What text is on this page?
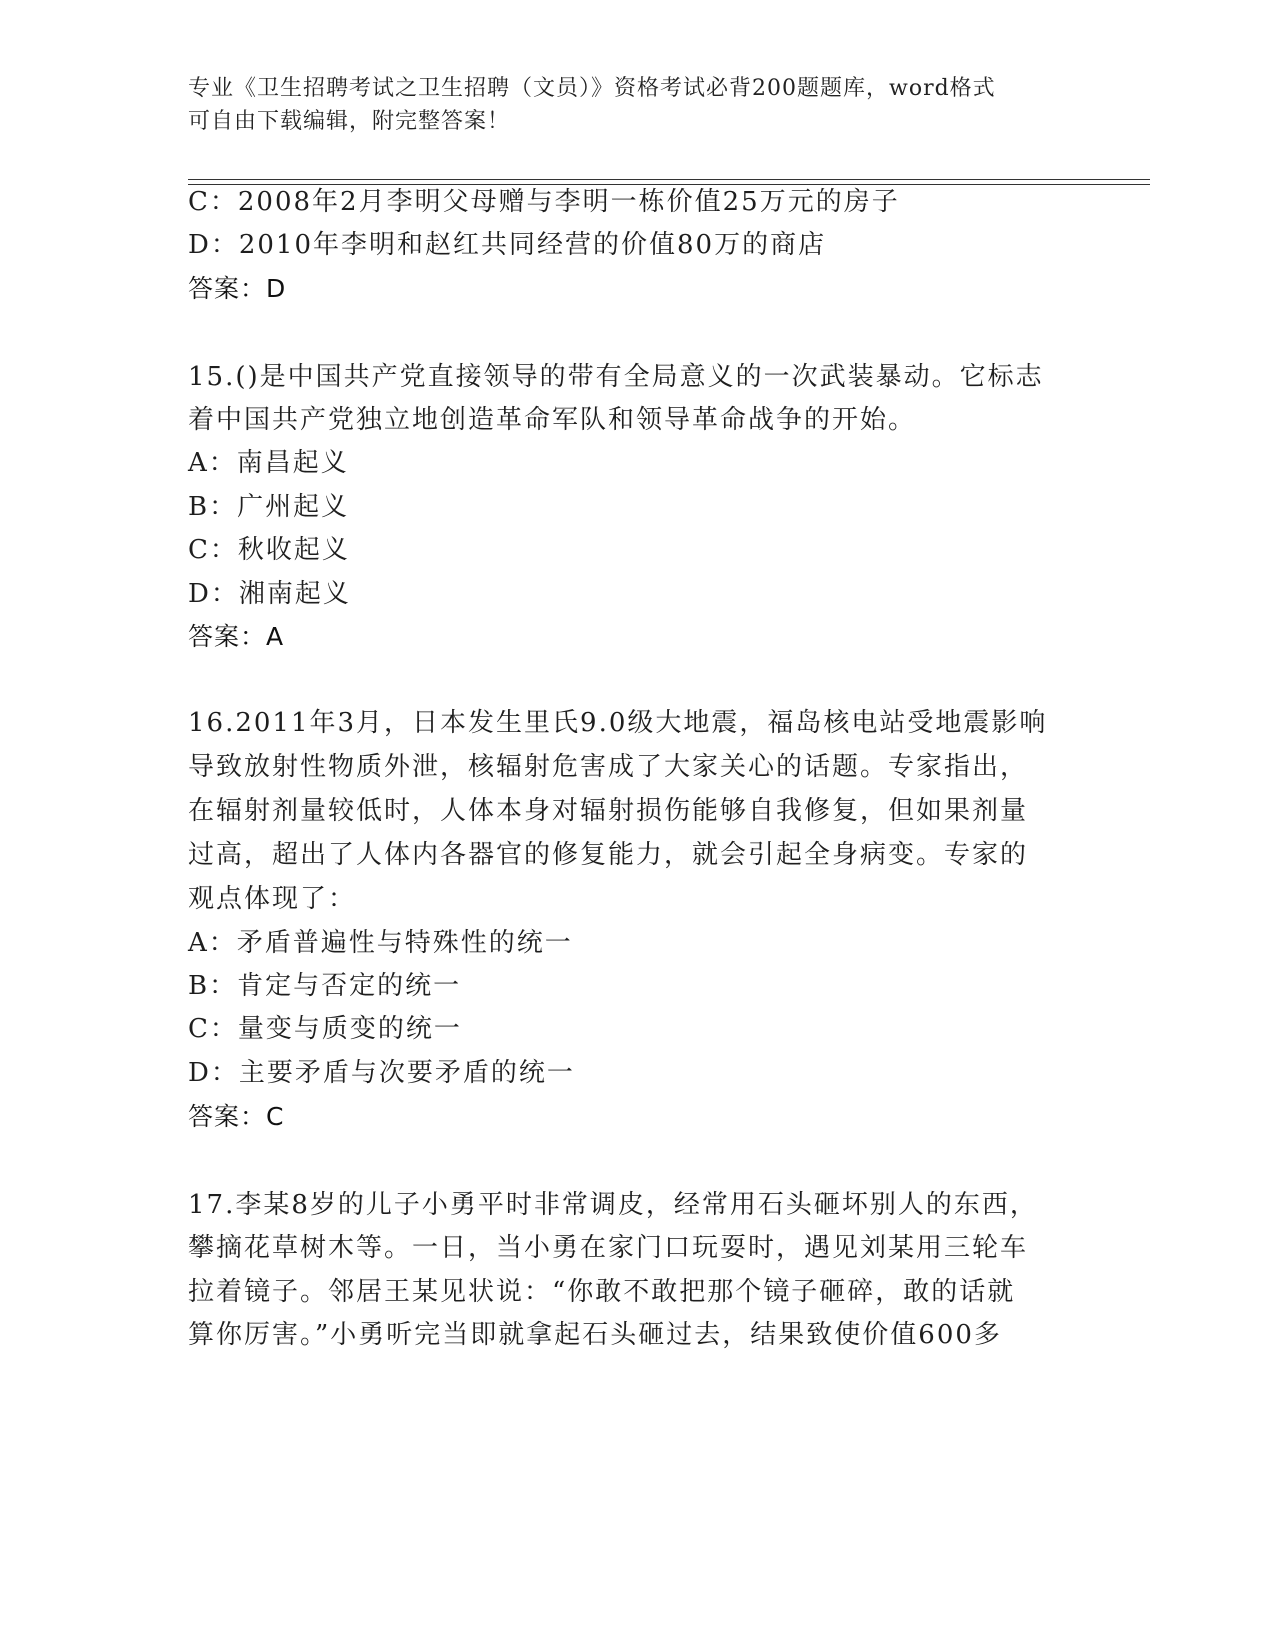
专业《卫生招聘考试之卫生招聘（文员）》资格考试必背200题题库，word格式
可自由下载编辑，附完整答案！
C：2008年2月李明父母赠与李明一栋价值25万元的房子
D：2010年李明和赵红共同经营的价值80万的商店
答案：D
15.()是中国共产党直接领导的带有全局意义的一次武装暴动。它标志
着中国共产党独立地创造革命军队和领导革命战争的开始。
A：南昌起义
B：广州起义
C：秋收起义
D：湘南起义
答案：A
16.2011年3月，日本发生里氏9.0级大地震，福岛核电站受地震影响
导致放射性物质外泄，核辐射危害成了大家关心的话题。专家指出，
在辐射剂量较低时，人体本身对辐射损伤能够自我修复，但如果剂量
过高，超出了人体内各器官的修复能力，就会引起全身病变。专家的
观点体现了：
A：矛盾普遍性与特殊性的统一
B：肯定与否定的统一
C：量变与质变的统一
D：主要矛盾与次要矛盾的统一
答案：C
17.李某8岁的儿子小勇平时非常调皮，经常用石头砸坏别人的东西，
攀摘花草树木等。一日，当小勇在家门口玩耍时，遇见刘某用三轮车
拉着镜子。邻居王某见状说：“你敢不敢把那个镜子砸碎，敢的话就
算你厉害。”小勇听完当即就拿起石头砸过去，结果致使价值600多
